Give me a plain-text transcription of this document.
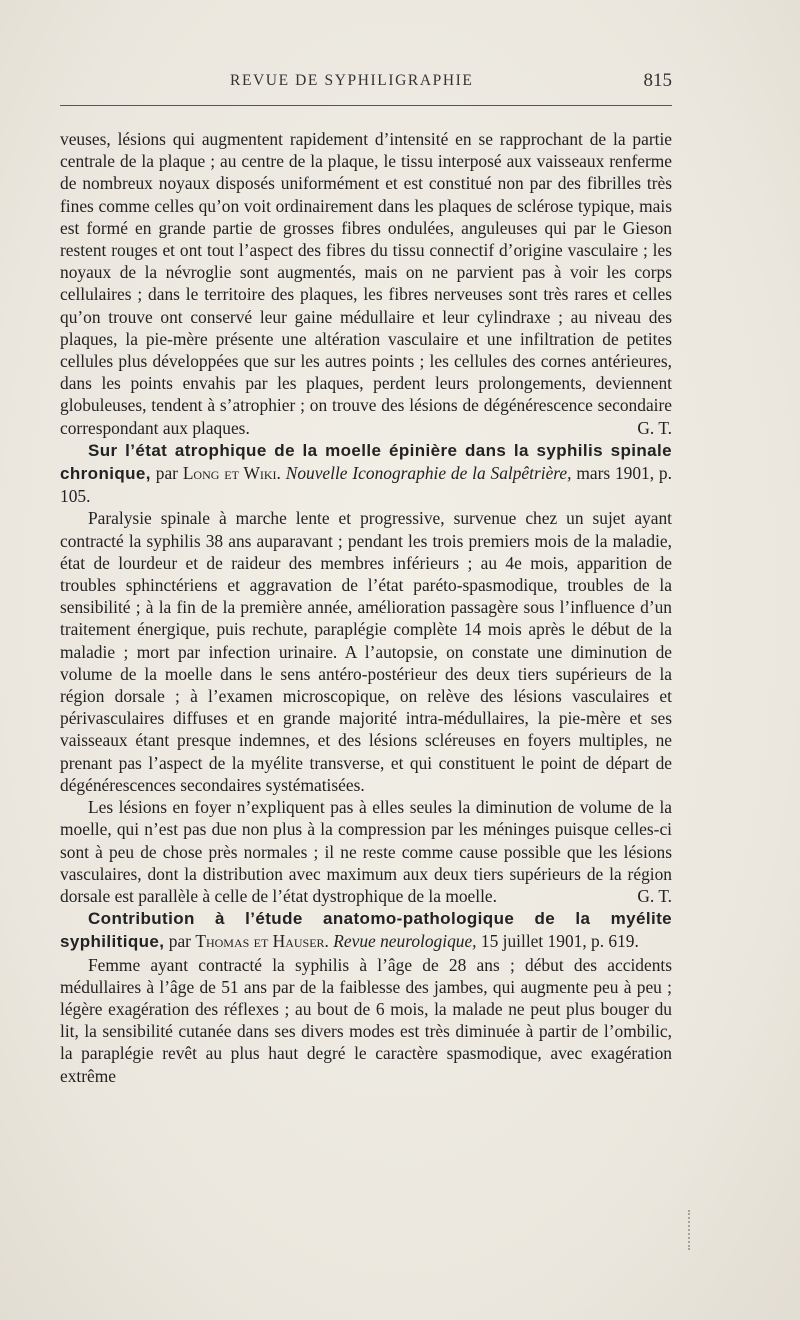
REVUE DE SYPHILIGRAPHIE	815

veuses, lésions qui augmentent rapidement d’intensité en se rapprochant de la partie centrale de la plaque ; au centre de la plaque, le tissu interposé aux vaisseaux renferme de nombreux noyaux disposés uniformément et est constitué non par des fibrilles très fines comme celles qu’on voit ordinairement dans les plaques de sclérose typique, mais est formé en grande partie de grosses fibres ondulées, anguleuses qui par le Gieson restent rouges et ont tout l’aspect des fibres du tissu connectif d’origine vasculaire ; les noyaux de la névroglie sont augmentés, mais on ne parvient pas à voir les corps cellulaires ; dans le territoire des plaques, les fibres nerveuses sont très rares et celles qu’on trouve ont conservé leur gaine médullaire et leur cylindraxe ; au niveau des plaques, la pie-mère présente une altération vasculaire et une infiltration de petites cellules plus développées que sur les autres points ; les cellules des cornes antérieures, dans les points envahis par les plaques, perdent leurs prolongements, deviennent globuleuses, tendent à s’atrophier ; on trouve des lésions de dégénérescence secondaire correspondant aux plaques.	G. T.

Sur l’état atrophique de la moelle épinière dans la syphilis spinale chronique, par Long et Wiki. Nouvelle Iconographie de la Salpêtrière, mars 1901, p. 105.

Paralysie spinale à marche lente et progressive, survenue chez un sujet ayant contracté la syphilis 38 ans auparavant ; pendant les trois premiers mois de la maladie, état de lourdeur et de raideur des membres inférieurs ; au 4e mois, apparition de troubles sphinctériens et aggravation de l’état paréto-spasmodique, troubles de la sensibilité ; à la fin de la première année, amélioration passagère sous l’influence d’un traitement énergique, puis rechute, paraplégie complète 14 mois après le début de la maladie ; mort par infection urinaire. A l’autopsie, on constate une diminution de volume de la moelle dans le sens antéro-postérieur des deux tiers supérieurs de la région dorsale ; à l’examen microscopique, on relève des lésions vasculaires et périvasculaires diffuses et en grande majorité intra-médullaires, la pie-mère et ses vaisseaux étant presque indemnes, et des lésions scléreuses en foyers multiples, ne prenant pas l’aspect de la myélite transverse, et qui constituent le point de départ de dégénérescences secondaires systématisées.

Les lésions en foyer n’expliquent pas à elles seules la diminution de volume de la moelle, qui n’est pas due non plus à la compression par les méninges puisque celles-ci sont à peu de chose près normales ; il ne reste comme cause possible que les lésions vasculaires, dont la distribution avec maximum aux deux tiers supérieurs de la région dorsale est parallèle à celle de l’état dystrophique de la moelle.	G. T.

Contribution à l’étude anatomo-pathologique de la myélite syphilitique, par Thomas et Hauser. Revue neurologique, 15 juillet 1901, p. 619.

Femme ayant contracté la syphilis à l’âge de 28 ans ; début des accidents médullaires à l’âge de 51 ans par de la faiblesse des jambes, qui augmente peu à peu ; légère exagération des réflexes ; au bout de 6 mois, la malade ne peut plus bouger du lit, la sensibilité cutanée dans ses divers modes est très diminuée à partir de l’ombilic, la paraplégie revêt au plus haut degré le caractère spasmodique, avec exagération extrême
